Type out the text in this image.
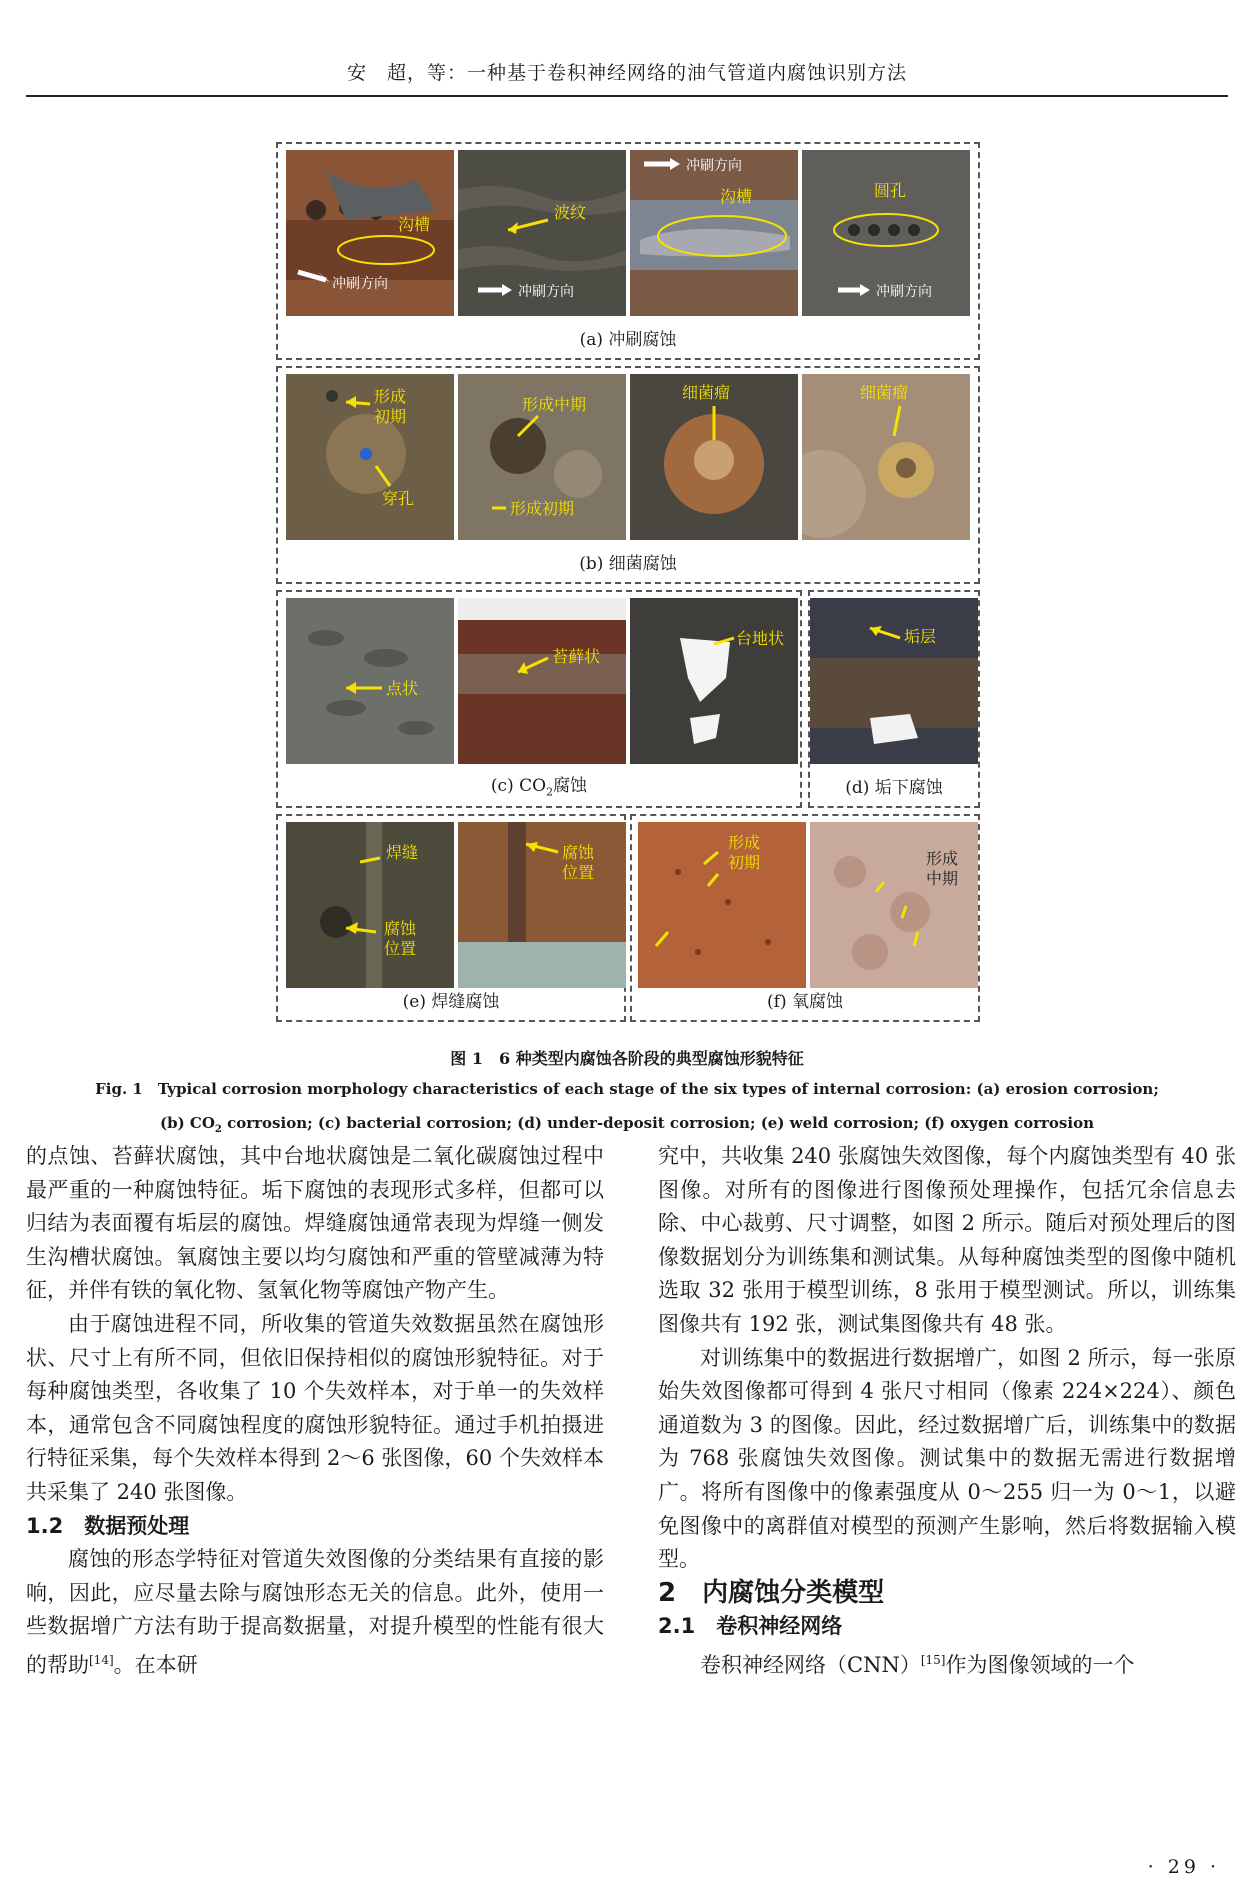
安　超，等：一种基于卷积神经网络的油气管道内腐蚀识别方法
沟槽
冲刷方向
波纹
冲刷方向
冲刷方向
沟槽	圆孔
冲刷方向
(a) 冲刷腐蚀
形成
初期
穿孔
形成中期
形成初期
细菌瘤	细菌瘤
(b) 细菌腐蚀
点状
苔藓状
台地状
(c) $CO_2$腐蚀
垢层
(d) 垢下腐蚀
焊缝
腐蚀
位置
腐蚀
位置
(e) 焊缝腐蚀
形成
初期	形成
中期
(f) 氧腐蚀
图 1　6 种类型内腐蚀各阶段的典型腐蚀形貌特征
Fig. 1　Typical corrosion morphology characteristics of each stage of the six types of internal corrosion: (a) erosion corrosion;
(b) $CO_2$ corrosion; (c) bacterial corrosion; (d) under-deposit corrosion; (e) weld corrosion; (f) oxygen corrosion

的点蚀、苔藓状腐蚀，其中台地状腐蚀是二氧化碳腐蚀过程中最严重的一种腐蚀特征。垢下腐蚀的表现形式多样，但都可以归结为表面覆有垢层的腐蚀。焊缝腐蚀通常表现为焊缝一侧发生沟槽状腐蚀。氧腐蚀主要以均匀腐蚀和严重的管壁减薄为特征，并伴有铁的氧化物、氢氧化物等腐蚀产物产生。

由于腐蚀进程不同，所收集的管道失效数据虽然在腐蚀形状、尺寸上有所不同，但依旧保持相似的腐蚀形貌特征。对于每种腐蚀类型，各收集了 10 个失效样本，对于单一的失效样本，通常包含不同腐蚀程度的腐蚀形貌特征。通过手机拍摄进行特征采集，每个失效样本得到 2～6 张图像，60 个失效样本共采集了 240 张图像。

1.2　数据预处理

腐蚀的形态学特征对管道失效图像的分类结果有直接的影响，因此，应尽量去除与腐蚀形态无关的信息。此外，使用一些数据增广方法有助于提高数据量，对提升模型的性能有很大的帮助[14]。在本研

究中，共收集 240 张腐蚀失效图像，每个内腐蚀类型有 40 张图像。对所有的图像进行图像预处理操作，包括冗余信息去除、中心裁剪、尺寸调整，如图 2 所示。随后对预处理后的图像数据划分为训练集和测试集。从每种腐蚀类型的图像中随机选取 32 张用于模型训练，8 张用于模型测试。所以，训练集图像共有 192 张，测试集图像共有 48 张。

对训练集中的数据进行数据增广，如图 2 所示，每一张原始失效图像都可得到 4 张尺寸相同（像素 224×224）、颜色通道数为 3 的图像。因此，经过数据增广后，训练集中的数据为 768 张腐蚀失效图像。测试集中的数据无需进行数据增广。将所有图像中的像素强度从 0～255 归一为 0～1，以避免图像中的离群值对模型的预测产生影响，然后将数据输入模型。

2　内腐蚀分类模型

2.1　卷积神经网络

卷积神经网络（CNN）[15]作为图像领域的一个

· 29 ·
